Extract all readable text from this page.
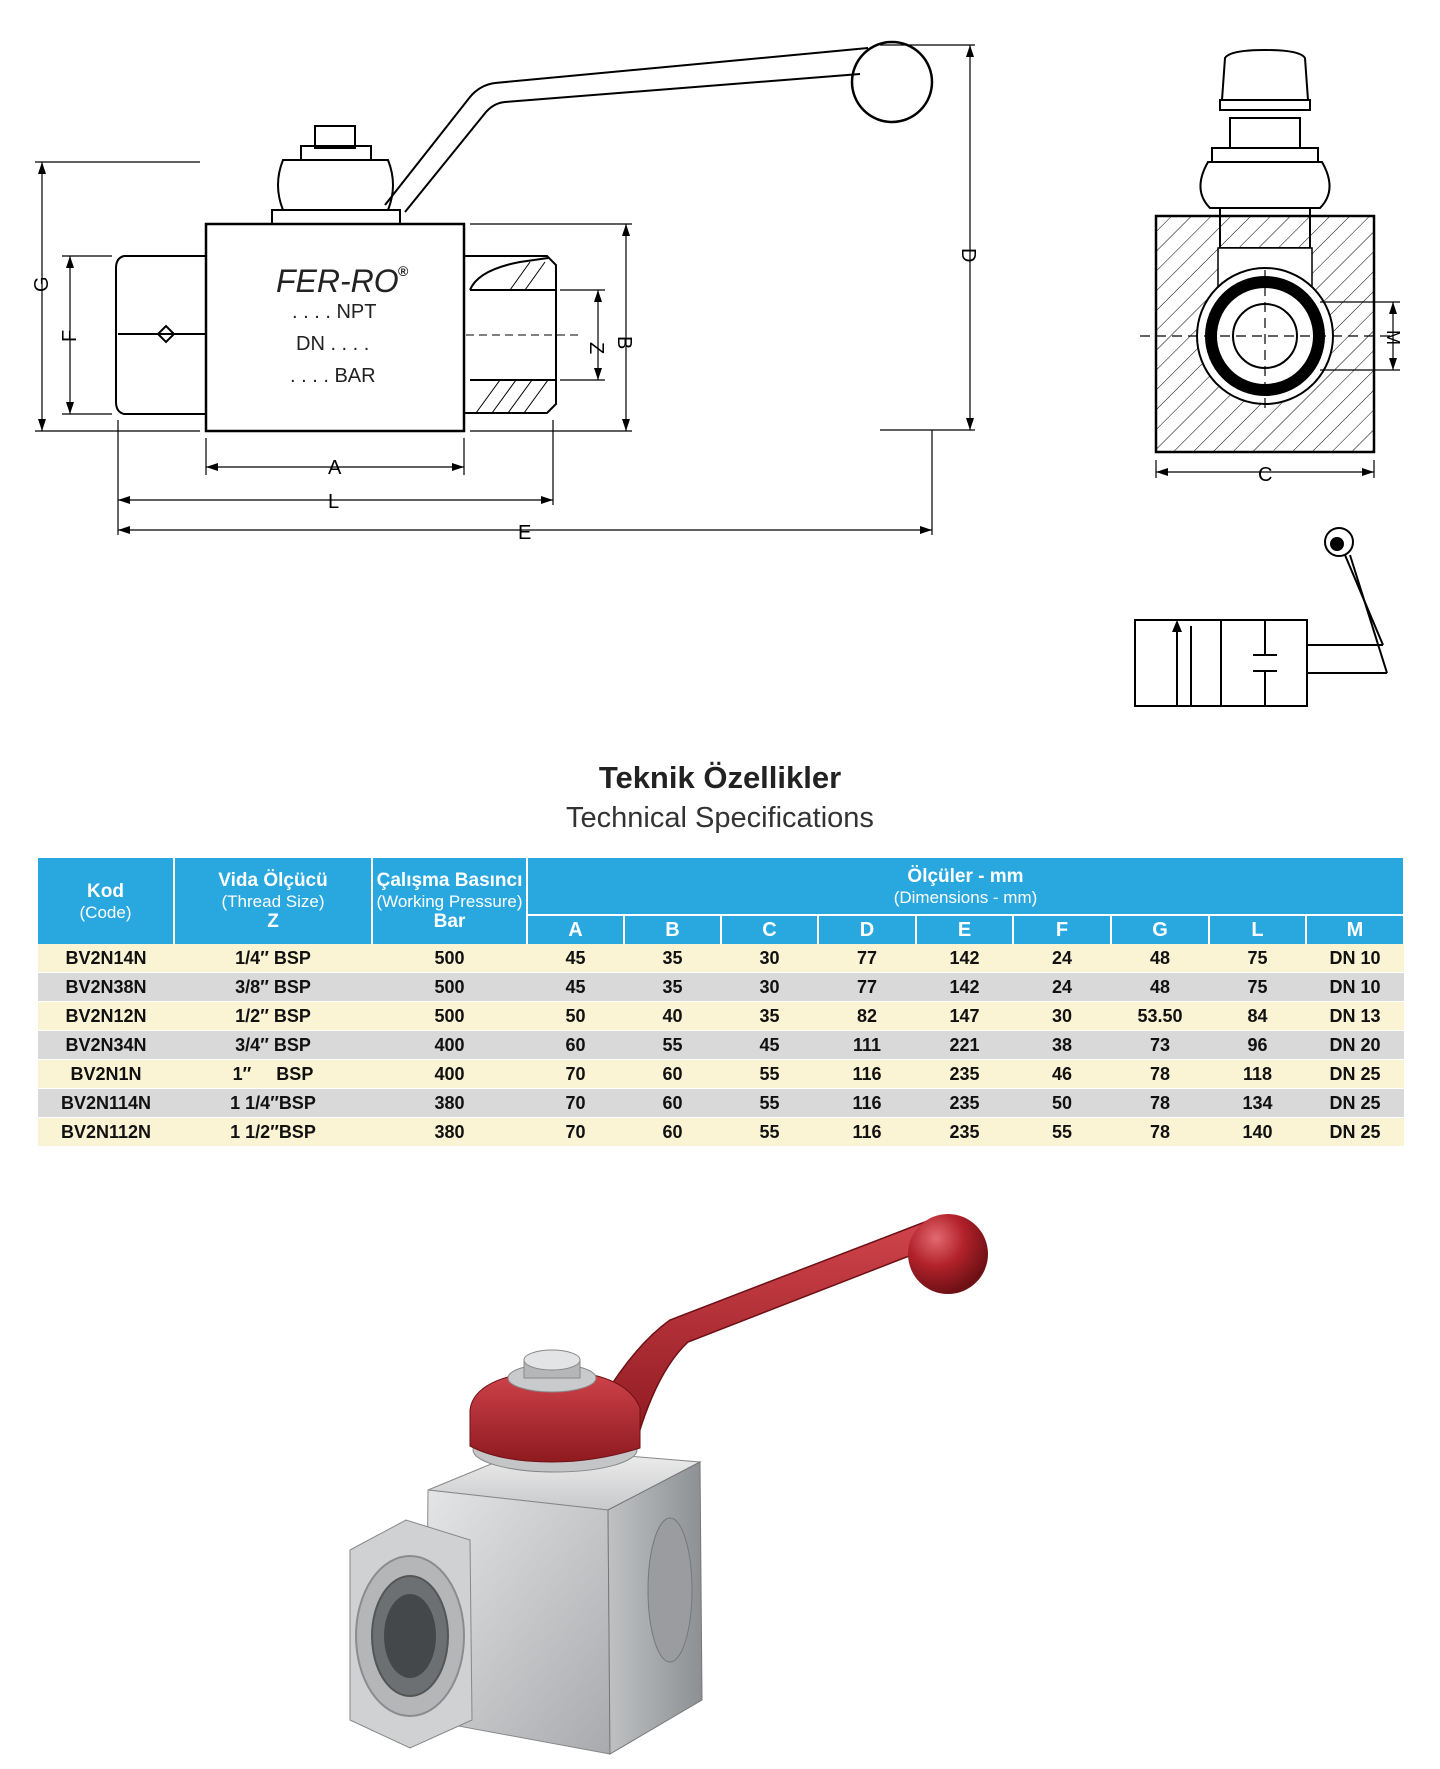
FER-RO ®
. . . . NPT
DN . . . .
. . . . BAR
A
L
E
D
B
Z
G
F
C
M
Teknik Özellikler
Technical Specifications
Kod
(Code)	Vida Ölçücü
(Thread Size)
Z	Çalışma Basıncı
(Working Pressure)
Bar	Ölçüler - mm
(Dimensions - mm)								

			A	B	C	D	E	F	G	L	M
BV2N14N	1/4″ BSP	500	45	35	30	77	142	24	48	75	DN 10
BV2N38N	3/8″ BSP	500	45	35	30	77	142	24	48	75	DN 10
BV2N12N	1/2″ BSP	500	50	40	35	82	147	30	53.50	84	DN 13
BV2N34N	3/4″ BSP	400	60	55	45	111	221	38	73	96	DN 20
BV2N1N	1″     BSP	400	70	60	55	116	235	46	78	118	DN 25
BV2N114N	1 1/4″BSP	380	70	60	55	116	235	50	78	134	DN 25
BV2N112N	1 1/2″BSP	380	70	60	55	116	235	55	78	140	DN 25
